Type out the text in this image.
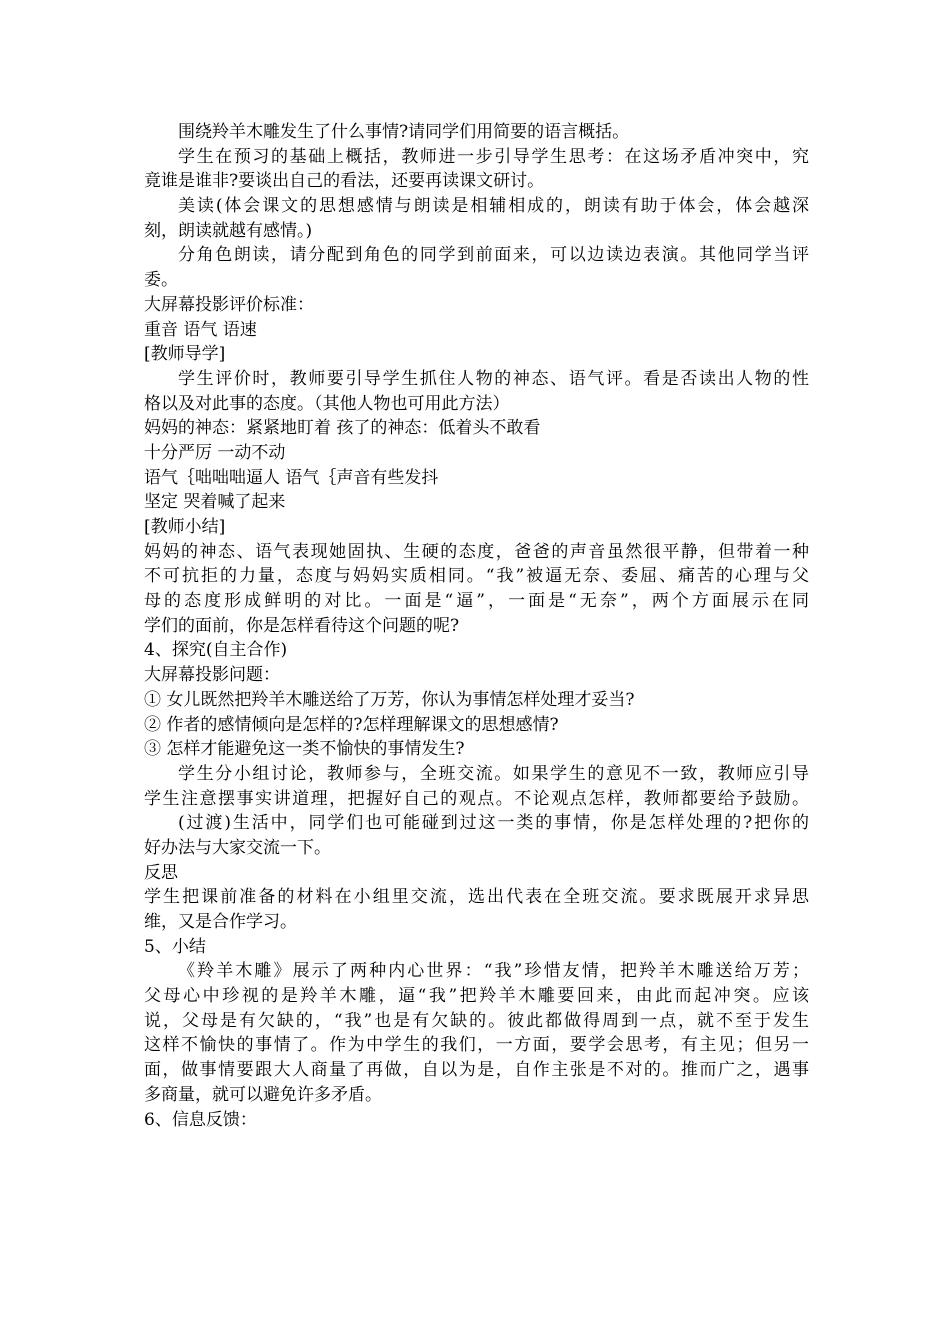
围绕羚羊木雕发生了什么事情?请同学们用简要的语言概括。
学生在预习的基础上概括，教师进一步引导学生思考：在这场矛盾冲突中，究
竟谁是谁非?要谈出自己的看法，还要再读课文研讨。
美读(体会课文的思想感情与朗读是相辅相成的，朗读有助于体会，体会越深
刻，朗读就越有感情。)
分角色朗读，请分配到角色的同学到前面来，可以边读边表演。其他同学当评
委。
大屏幕投影评价标准：
重音 语气 语速
[教师导学]
学生评价时，教师要引导学生抓住人物的神态、语气评。看是否读出人物的性
格以及对此事的态度。（其他人物也可用此方法）
妈妈的神态：紧紧地盯着 孩了的神态：低着头不敢看
十分严厉 一动不动
语气｛咄咄咄逼人 语气｛声音有些发抖
坚定 哭着喊了起来
[教师小结]
妈妈的神态、语气表现她固执、生硬的态度，爸爸的声音虽然很平静，但带着一种
不可抗拒的力量，态度与妈妈实质相同。“我”被逼无奈、委屈、痛苦的心理与父
母的态度形成鲜明的对比。一面是“逼”，一面是“无奈”，两个方面展示在同
学们的面前，你是怎样看待这个问题的呢?
4、探究(自主合作)
大屏幕投影问题：
① 女儿既然把羚羊木雕送给了万芳，你认为事情怎样处理才妥当?
② 作者的感情倾向是怎样的?怎样理解课文的思想感情?
③ 怎样才能避免这一类不愉快的事情发生?
学生分小组讨论，教师参与，全班交流。如果学生的意见不一致，教师应引导
学生注意摆事实讲道理，把握好自己的观点。不论观点怎样，教师都要给予鼓励。
(过渡)生活中，同学们也可能碰到过这一类的事情，你是怎样处理的?把你的
好办法与大家交流一下。
反思
学生把课前准备的材料在小组里交流，选出代表在全班交流。要求既展开求异思
维，又是合作学习。
5、小结
《羚羊木雕》展示了两种内心世界：“我”珍惜友情，把羚羊木雕送给万芳；
父母心中珍视的是羚羊木雕，逼“我”把羚羊木雕要回来，由此而起冲突。应该
说，父母是有欠缺的，“我”也是有欠缺的。彼此都做得周到一点，就不至于发生
这样不愉快的事情了。作为中学生的我们，一方面，要学会思考，有主见；但另一
面，做事情要跟大人商量了再做，自以为是，自作主张是不对的。推而广之，遇事
多商量，就可以避免许多矛盾。
6、信息反馈：
